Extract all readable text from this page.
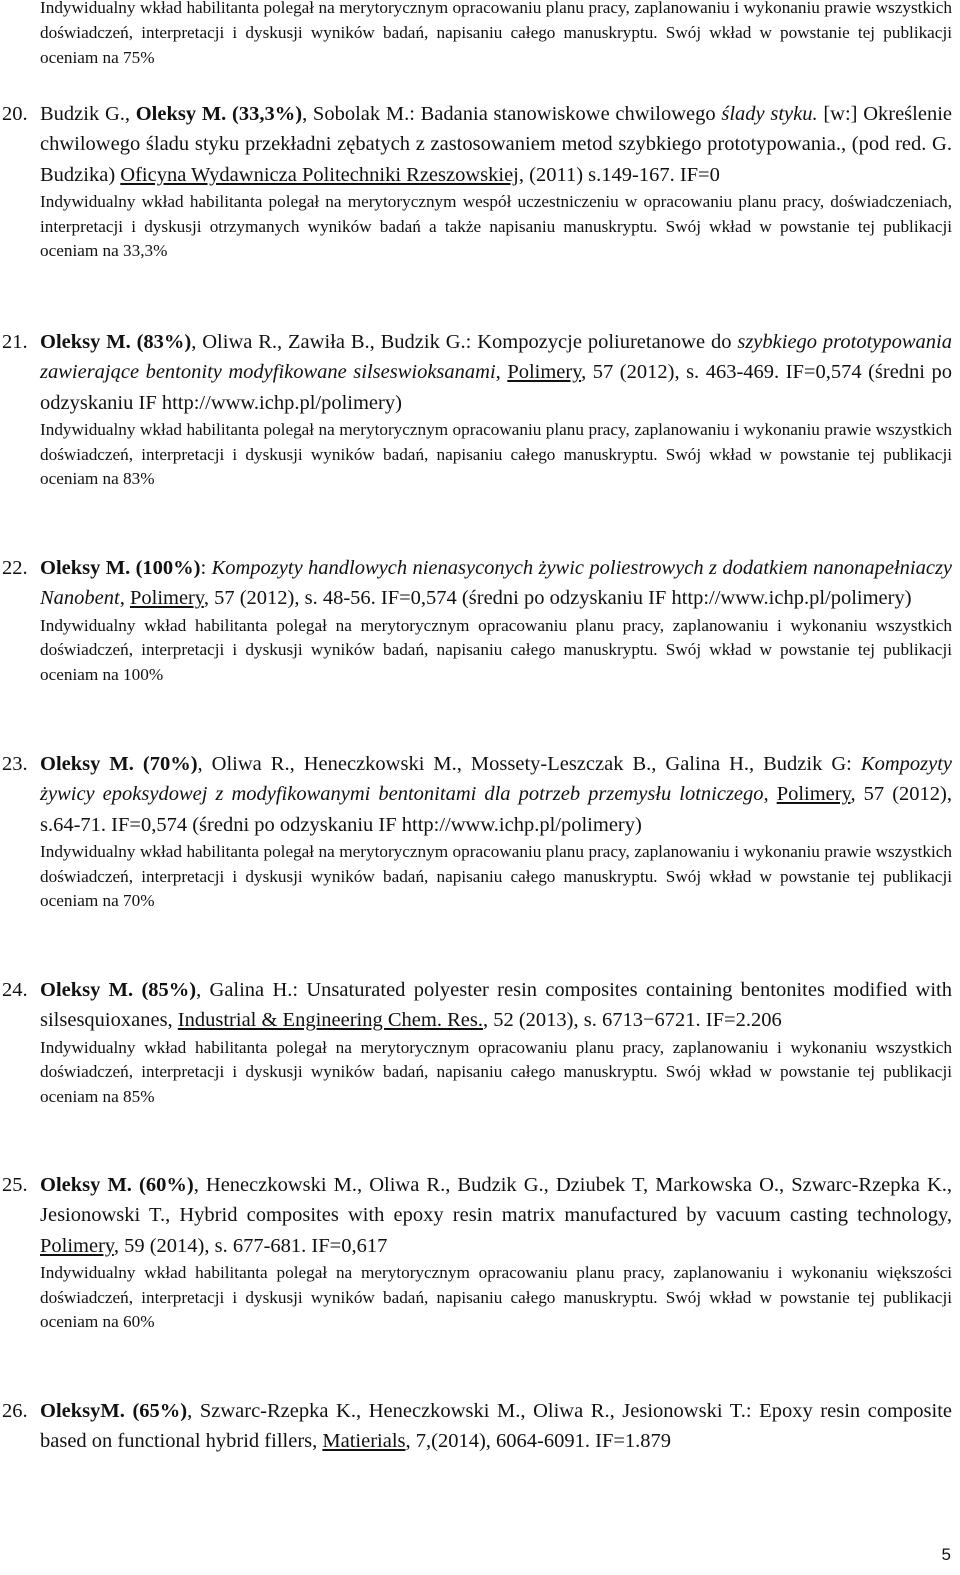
Indywidualny wkład habilitanta polegał na merytorycznym opracowaniu planu pracy, zaplanowaniu i wykonaniu prawie wszystkich doświadczeń, interpretacji i dyskusji wyników badań, napisaniu całego manuskryptu. Swój wkład w powstanie tej publikacji oceniam na 75%

20. Budzik G., Oleksy M. (33,3%), Sobolak M.: Badania stanowiskowe chwilowego ślady styku. [w:] Określenie chwilowego śladu styku przekładni zębatych z zastosowaniem metod szybkiego prototypowania., (pod red. G. Budzika) Oficyna Wydawnicza Politechniki Rzeszowskiej, (2011) s.149-167. IF=0

Indywidualny wkład habilitanta polegał na merytorycznym wespół uczestniczeniu w opracowaniu planu pracy, doświadczeniach, interpretacji i dyskusji otrzymanych wyników badań a także napisaniu manuskryptu. Swój wkład w powstanie tej publikacji oceniam na 33,3%

21. Oleksy M. (83%), Oliwa R., Zawiła B., Budzik G.: Kompozycje poliuretanowe do szybkiego prototypowania zawierające bentonity modyfikowane silseswioksanami, Polimery, 57 (2012), s. 463-469. IF=0,574 (średni po odzyskaniu IF http://www.ichp.pl/polimery)

Indywidualny wkład habilitanta polegał na merytorycznym opracowaniu planu pracy, zaplanowaniu i wykonaniu prawie wszystkich doświadczeń, interpretacji i dyskusji wyników badań, napisaniu całego manuskryptu. Swój wkład w powstanie tej publikacji oceniam na 83%

22. Oleksy M. (100%): Kompozyty handlowych nienasyconych żywic poliestrowych z dodatkiem nanonapełniaczy Nanobent, Polimery, 57 (2012), s. 48-56. IF=0,574 (średni po odzyskaniu IF http://www.ichp.pl/polimery)

Indywidualny wkład habilitanta polegał na merytorycznym opracowaniu planu pracy, zaplanowaniu i wykonaniu wszystkich doświadczeń, interpretacji i dyskusji wyników badań, napisaniu całego manuskryptu. Swój wkład w powstanie tej publikacji oceniam na 100%

23. Oleksy M. (70%), Oliwa R., Heneczkowski M., Mossety-Leszczak B., Galina H., Budzik G: Kompozyty żywicy epoksydowej z modyfikowanymi bentonitami dla potrzeb przemysłu lotniczego, Polimery, 57 (2012), s.64-71. IF=0,574 (średni po odzyskaniu IF http://www.ichp.pl/polimery)

Indywidualny wkład habilitanta polegał na merytorycznym opracowaniu planu pracy, zaplanowaniu i wykonaniu prawie wszystkich doświadczeń, interpretacji i dyskusji wyników badań, napisaniu całego manuskryptu. Swój wkład w powstanie tej publikacji oceniam na 70%

24. Oleksy M. (85%), Galina H.: Unsaturated polyester resin composites containing bentonites modified with silsesquioxanes, Industrial & Engineering Chem. Res., 52 (2013), s. 6713−6721. IF=2.206

Indywidualny wkład habilitanta polegał na merytorycznym opracowaniu planu pracy, zaplanowaniu i wykonaniu wszystkich doświadczeń, interpretacji i dyskusji wyników badań, napisaniu całego manuskryptu. Swój wkład w powstanie tej publikacji oceniam na 85%

25. Oleksy M. (60%), Heneczkowski M., Oliwa R., Budzik G., Dziubek T, Markowska O., Szwarc-Rzepka K., Jesionowski T., Hybrid composites with epoxy resin matrix manufactured by vacuum casting technology, Polimery, 59 (2014), s. 677-681. IF=0,617

Indywidualny wkład habilitanta polegał na merytorycznym opracowaniu planu pracy, zaplanowaniu i wykonaniu większości doświadczeń, interpretacji i dyskusji wyników badań, napisaniu całego manuskryptu. Swój wkład w powstanie tej publikacji oceniam na 60%

26. OleksyM. (65%), Szwarc-Rzepka K., Heneczkowski M., Oliwa R., Jesionowski T.: Epoxy resin composite based on functional hybrid fillers, Matierials, 7,(2014), 6064-6091. IF=1.879

5
